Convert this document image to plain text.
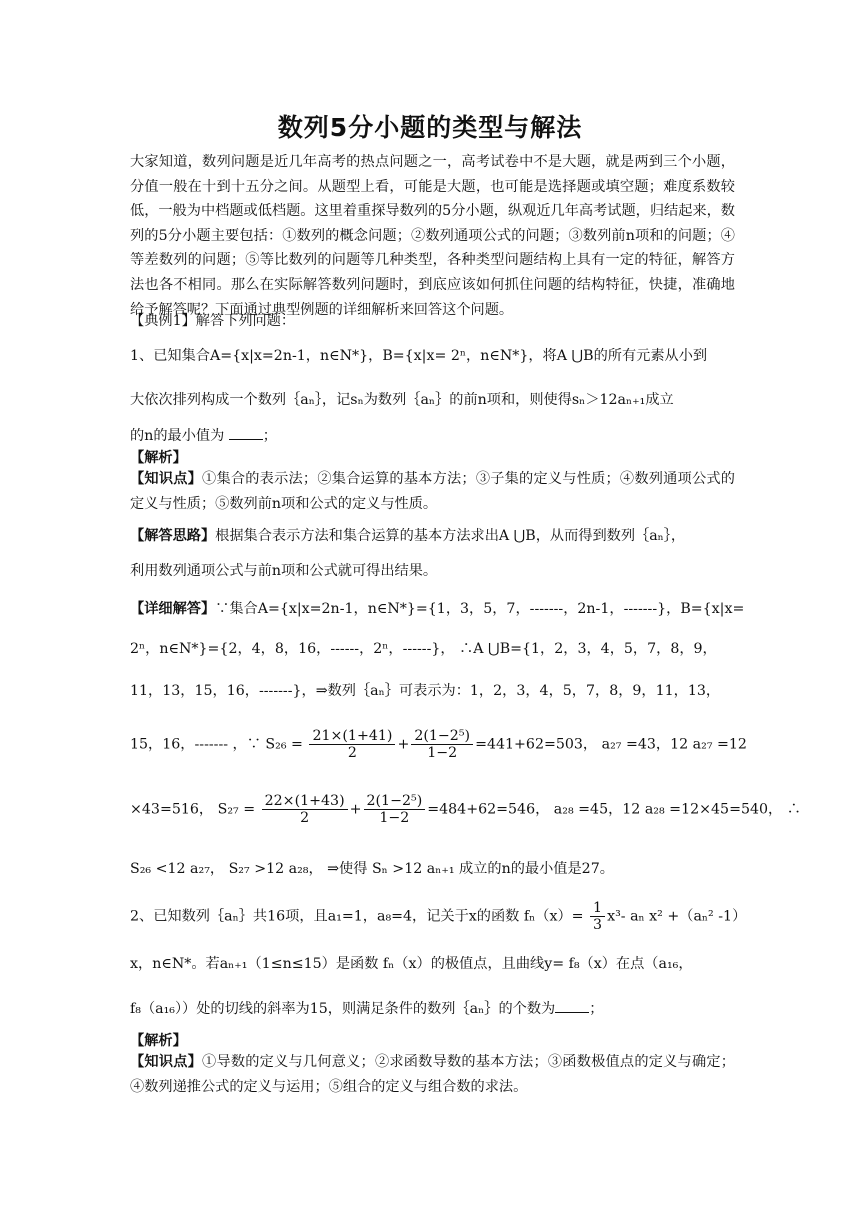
数列5分小题的类型与解法
大家知道，数列问题是近几年高考的热点问题之一，高考试卷中不是大题，就是两到三个小题，分值一般在十到十五分之间。从题型上看，可能是大题，也可能是选择题或填空题；难度系数较低，一般为中档题或低档题。这里着重探导数列的5分小题，纵观近几年高考试题，归结起来，数列的5分小题主要包括：①数列的概念问题；②数列通项公式的问题；③数列前n项和的问题；④等差数列的问题；⑤等比数列的问题等几种类型，各种类型问题结构上具有一定的特征，解答方法也各不相同。那么在实际解答数列问题时，到底应该如何抓住问题的结构特征，快捷，准确地给予解答呢？下面通过典型例题的详细解析来回答这个问题。
【典例1】解答下列问题：
1、已知集合A={x|x=2n-1，n∈N*}，B={x|x= 2ⁿ，n∈N*}，将A ⋃B的所有元素从小到
大依次排列构成一个数列｛aₙ｝，记sₙ为数列｛aₙ｝的前n项和，则使得sₙ＞12aₙ₊₁成立
的n的最小值为	；
【解析】
【知识点】①集合的表示法；②集合运算的基本方法；③子集的定义与性质；④数列通项公式的定义与性质；⑤数列前n项和公式的定义与性质。
【解答思路】根据集合表示方法和集合运算的基本方法求出A ⋃B，从而得到数列｛aₙ｝，
利用数列通项公式与前n项和公式就可得出结果。
【详细解答】∵集合A={x|x=2n-1，n∈N*}={1，3，5，7，-------，2n-1，-------}，B={x|x=
2ⁿ，n∈N*}={2，4，8，16，------，2ⁿ，------}， ∴A ⋃B={1，2，3，4，5，7，8，9，
11，13，15，16，-------}，⇒数列｛aₙ｝可表示为：1，2，3，4，5，7，8，9，11，13，
15，16，------- ，∵ $S_{26} = \frac{21\times(1+41)}{2} + \frac{\text{2(1−2⁵)}}{1-2} =441+62=503$， a₂₇ =43，12 a₂₇ =12
×43=516， $S_{27} = \frac{22\times(1+43)}{2} + \frac{\text{2(1−2⁵)}}{1-2} =484+62=546$， a₂₈ =45，12 a₂₈ =12×45=540， ∴
S₂₆ <12 a₂₇， S₂₇ >12 a₂₈， ⇒使得 Sₙ >12 aₙ₊₁ 成立的n的最小值是27。
2、已知数列｛aₙ｝共16项，且a₁=1，a₈=4，记关于x的函数 $f_n(x)= \frac{1}{3} x^3-$ aₙ x² +（aₙ² -1）
x，n∈N*。若aₙ₊₁（1≤n≤15）是函数 fₙ（x）的极值点，且曲线y= f₈（x）在点（a₁₆，
f₈（a₁₆））处的切线的斜率为15，则满足条件的数列｛aₙ｝的个数为 ；
【解析】
【知识点】①导数的定义与几何意义；②求函数导数的基本方法；③函数极值点的定义与确定；④数列递推公式的定义与运用；⑤组合的定义与组合数的求法。
